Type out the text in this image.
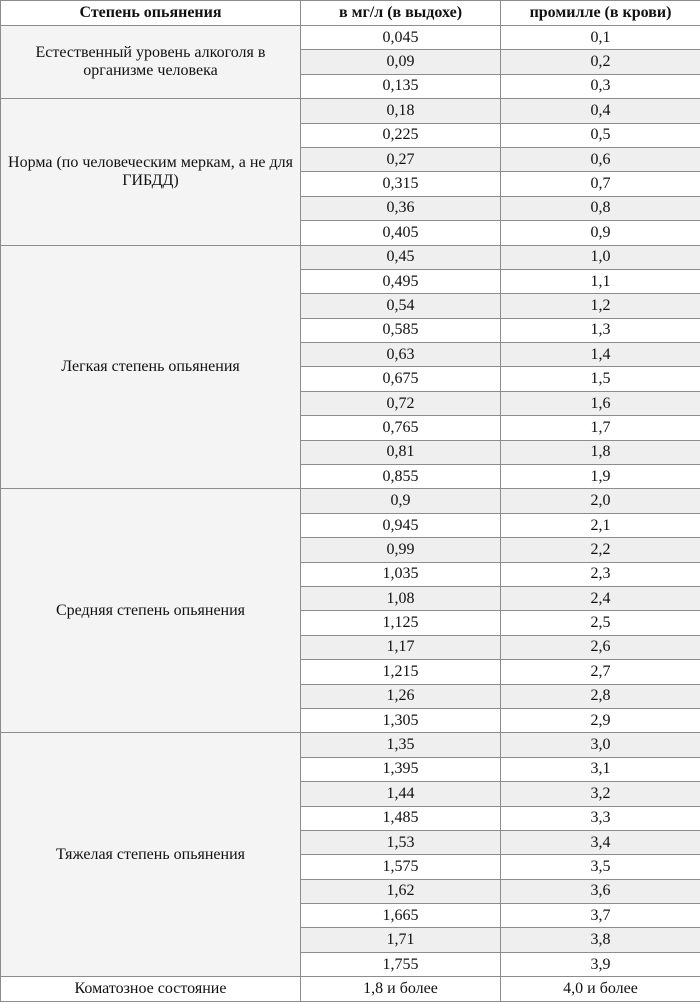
Степень опьянения	в мг/л (в выдохе)	промилле (в крови)
Естественный уровень алкоголя в организме человека	0,045	0,1
	0,09	0,2
	0,135	0,3
Норма (по человеческим меркам, а не для ГИБДД)	0,18	0,4
	0,225	0,5
	0,27	0,6
	0,315	0,7
	0,36	0,8
	0,405	0,9
Легкая степень опьянения	0,45	1,0
	0,495	1,1
	0,54	1,2
	0,585	1,3
	0,63	1,4
	0,675	1,5
	0,72	1,6
	0,765	1,7
	0,81	1,8
	0,855	1,9
Средняя степень опьянения	0,9	2,0
	0,945	2,1
	0,99	2,2
	1,035	2,3
	1,08	2,4
	1,125	2,5
	1,17	2,6
	1,215	2,7
	1,26	2,8
	1,305	2,9
Тяжелая степень опьянения	1,35	3,0
	1,395	3,1
	1,44	3,2
	1,485	3,3
	1,53	3,4
	1,575	3,5
	1,62	3,6
	1,665	3,7
	1,71	3,8
	1,755	3,9
Коматозное состояние	1,8 и более	4,0 и более
